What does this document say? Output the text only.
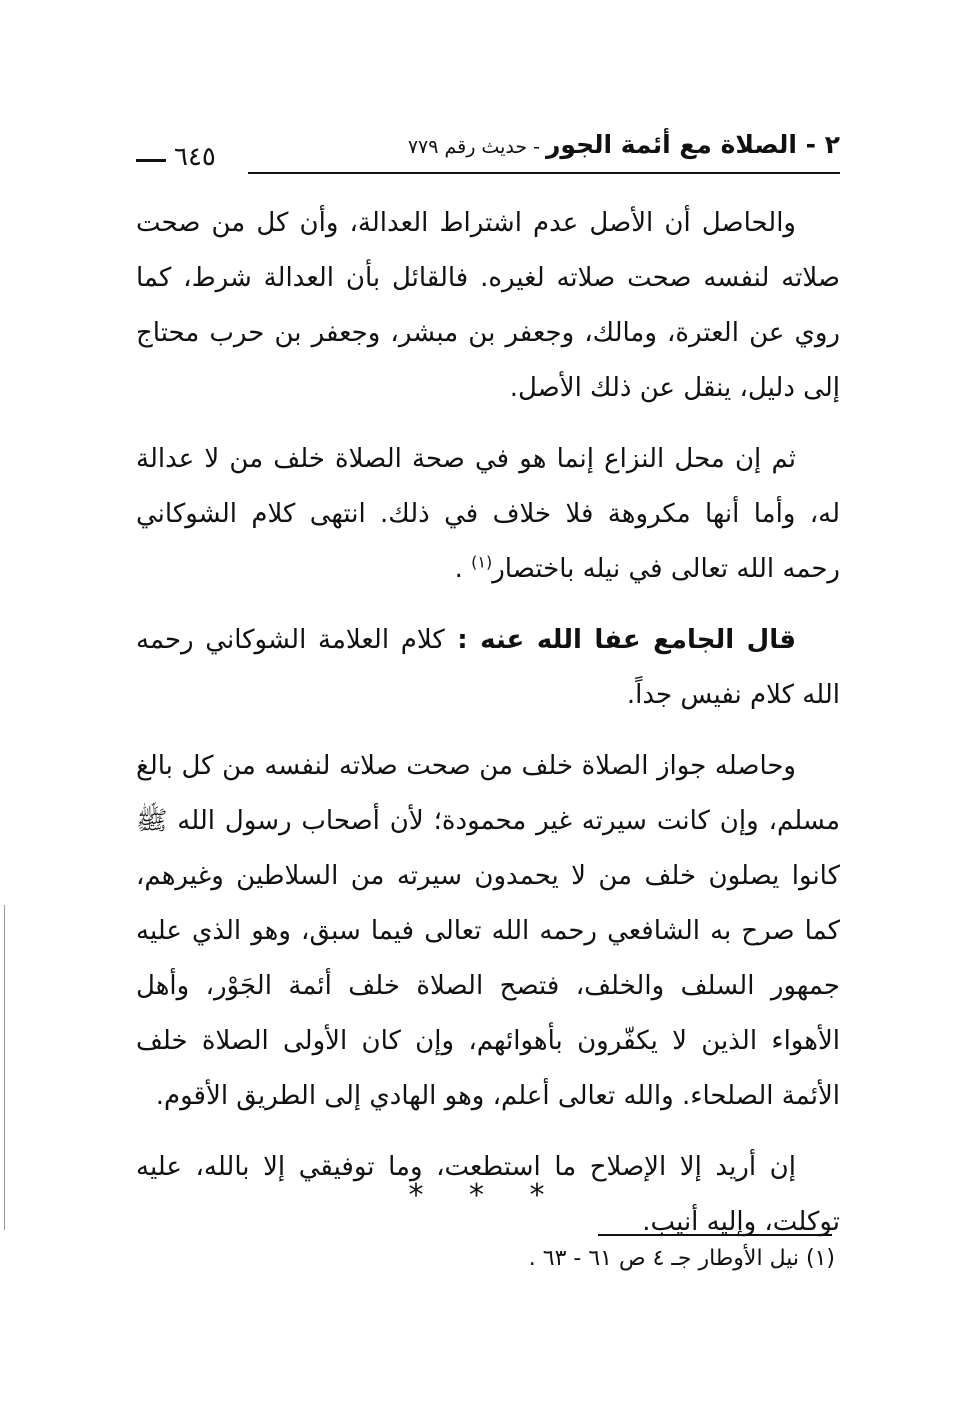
٢ - الصلاة مع أئمة الجور - حديث رقم ٧٧٩
٦٤٥

والحاصل أن الأصل عدم اشتراط العدالة، وأن كل من صحت صلاته لنفسه صحت صلاته لغيره. فالقائل بأن العدالة شرط، كما روي عن العترة، ومالك، وجعفر بن مبشر، وجعفر بن حرب محتاج إلى دليل، ينقل عن ذلك الأصل.

ثم إن محل النزاع إنما هو في صحة الصلاة خلف من لا عدالة له، وأما أنها مكروهة فلا خلاف في ذلك. انتهى كلام الشوكاني رحمه الله تعالى في نيله باختصار$^{(١)}$ .

قال الجامع عفا الله عنه : كلام العلامة الشوكاني رحمه الله كلام نفيس جداً.

وحاصله جواز الصلاة خلف من صحت صلاته لنفسه من كل بالغ مسلم، وإن كانت سيرته غير محمودة؛ لأن أصحاب رسول الله ﷺ كانوا يصلون خلف من لا يحمدون سيرته من السلاطين وغيرهم، كما صرح به الشافعي رحمه الله تعالى فيما سبق، وهو الذي عليه جمهور السلف والخلف، فتصح الصلاة خلف أئمة الجَوْر، وأهل الأهواء الذين لا يكفّرون بأهوائهم، وإن كان الأولى الصلاة خلف الأئمة الصلحاء. والله تعالى أعلم، وهو الهادي إلى الطريق الأقوم.

إن أريد إلا الإصلاح ما استطعت، وما توفيقي إلا بالله، عليه توكلت، وإليه أنيب.

* * *
(١) نيل الأوطار جـ ٤ ص ٦١ - ٦٣ .
